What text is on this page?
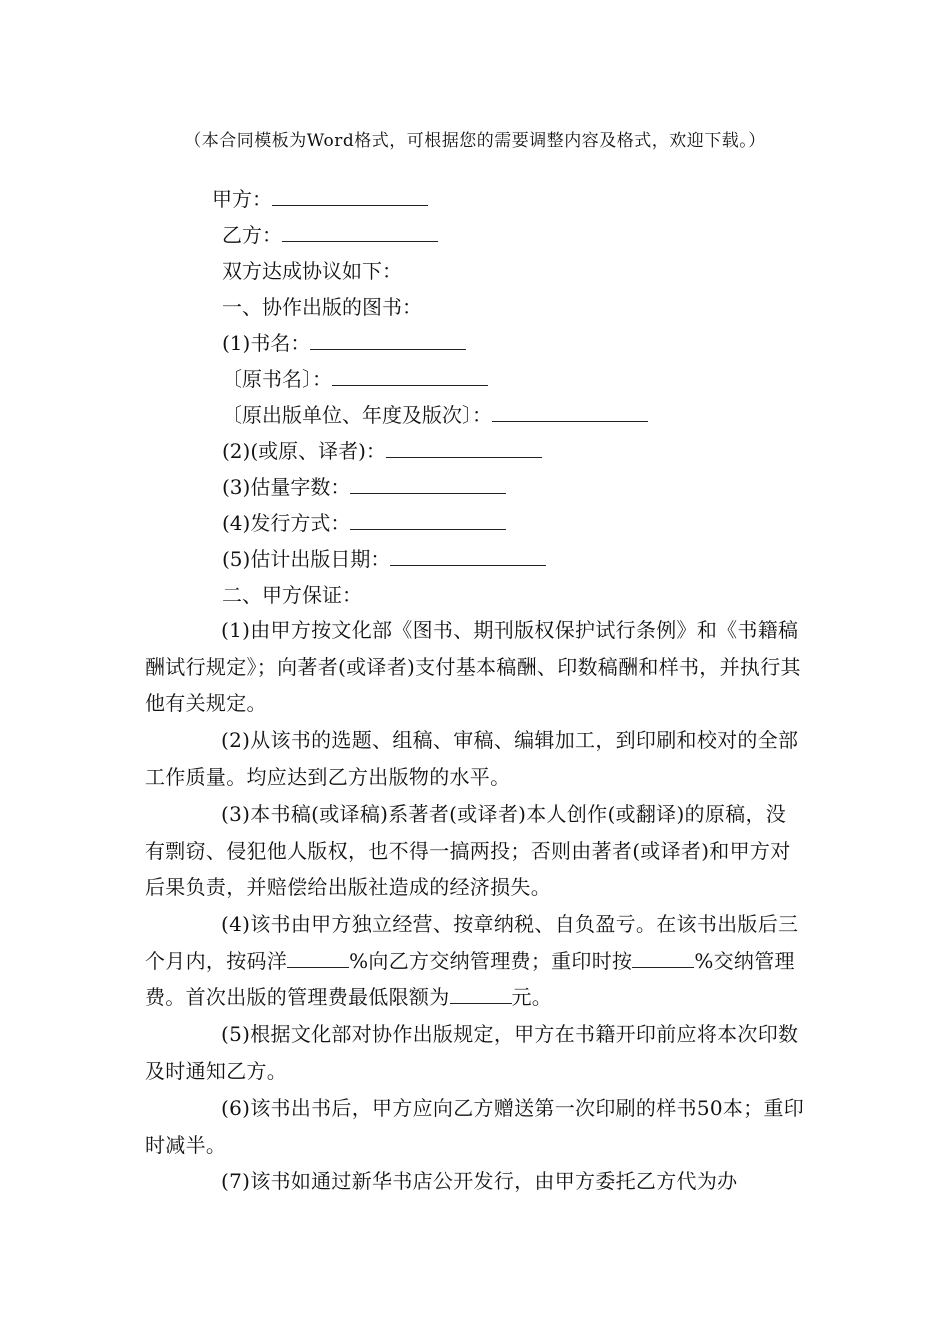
（本合同模板为Word格式，可根据您的需要调整内容及格式，欢迎下载。）
甲方：
乙方：
双方达成协议如下：
一、协作出版的图书：
(1)书名：
〔原书名〕：
〔原出版单位、年度及版次〕：
(2)(或原、译者)：
(3)估量字数：
(4)发行方式：
(5)估计出版日期：
二、甲方保证：

(1)由甲方按文化部《图书、期刊版权保护试行条例》和《书籍稿酬试行规定》；向著者(或译者)支付基本稿酬、印数稿酬和样书，并执行其他有关规定。

(2)从该书的选题、组稿、审稿、编辑加工，到印刷和校对的全部工作质量。均应达到乙方出版物的水平。

(3)本书稿(或译稿)系著者(或译者)本人创作(或翻译)的原稿，没有剽窃、侵犯他人版权，也不得一搞两投；否则由著者(或译者)和甲方对后果负责，并赔偿给出版社造成的经济损失。

(4)该书由甲方独立经营、按章纳税、自负盈亏。在该书出版后三个月内，按码洋	%向乙方交纳管理费；重印时按	%交纳管理费。首次出版的管理费最低限额为	元。

(5)根据文化部对协作出版规定，甲方在书籍开印前应将本次印数及时通知乙方。

(6)该书出书后，甲方应向乙方赠送第一次印刷的样书50本；重印时减半。

(7)该书如通过新华书店公开发行，由甲方委托乙方代为办
